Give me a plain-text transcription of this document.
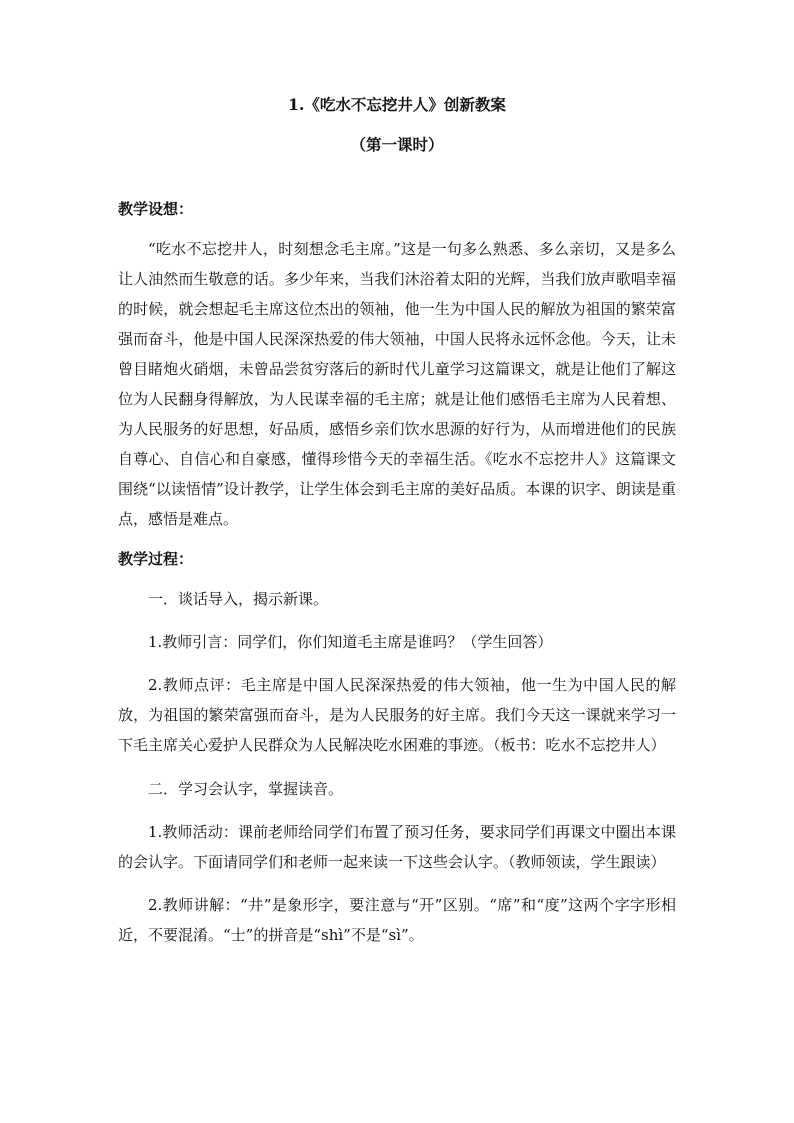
1.《吃水不忘挖井人》创新教案

（第一课时）

教学设想：

“吃水不忘挖井人，时刻想念毛主席。”这是一句多么熟悉、多么亲切，又是多么让人油然而生敬意的话。多少年来，当我们沐浴着太阳的光辉，当我们放声歌唱幸福的时候，就会想起毛主席这位杰出的领袖，他一生为中国人民的解放为祖国的繁荣富强而奋斗，他是中国人民深深热爱的伟大领袖，中国人民将永远怀念他。今天，让未曾目睹炮火硝烟，未曾品尝贫穷落后的新时代儿童学习这篇课文，就是让他们了解这位为人民翻身得解放，为人民谋幸福的毛主席；就是让他们感悟毛主席为人民着想、为人民服务的好思想，好品质，感悟乡亲们饮水思源的好行为，从而增进他们的民族自尊心、自信心和自豪感，懂得珍惜今天的幸福生活。《吃水不忘挖井人》这篇课文围绕“以读悟情”设计教学，让学生体会到毛主席的美好品质。本课的识字、朗读是重点，感悟是难点。

教学过程：

一．谈话导入，揭示新课。

1.教师引言：同学们，你们知道毛主席是谁吗？（学生回答）

2.教师点评：毛主席是中国人民深深热爱的伟大领袖，他一生为中国人民的解放，为祖国的繁荣富强而奋斗，是为人民服务的好主席。我们今天这一课就来学习一下毛主席关心爱护人民群众为人民解决吃水困难的事迹。（板书：吃水不忘挖井人）

二．学习会认字，掌握读音。

1.教师活动：课前老师给同学们布置了预习任务，要求同学们再课文中圈出本课的会认字。下面请同学们和老师一起来读一下这些会认字。（教师领读，学生跟读）

2.教师讲解：“井”是象形字，要注意与“开”区别。“席”和“度”这两个字字形相近，不要混淆。“士”的拼音是“shì”不是“sì”。
